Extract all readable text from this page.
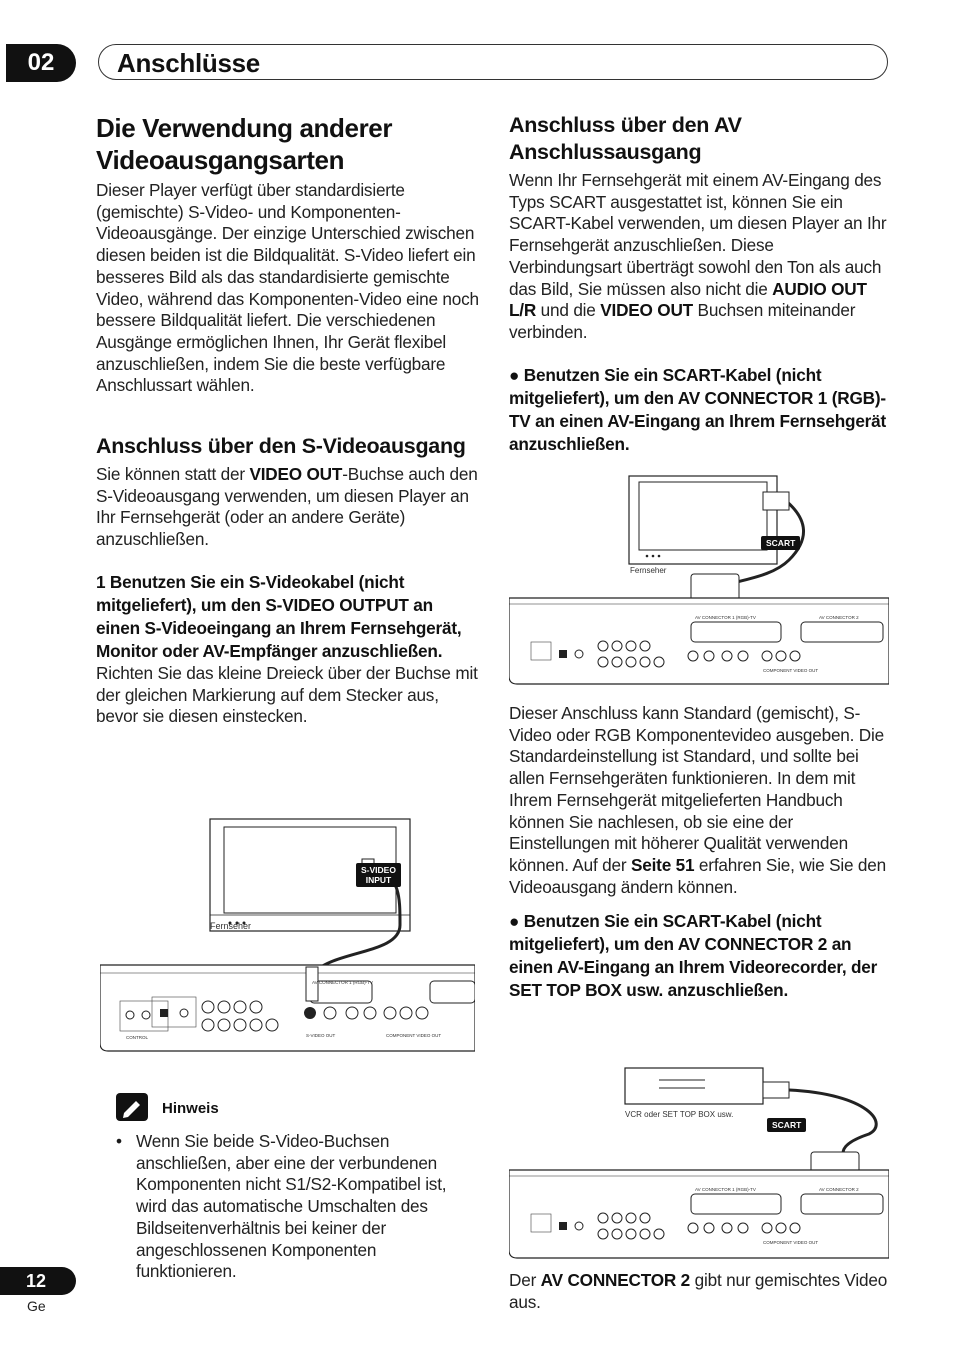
02	Anschlüsse
Die Verwendung anderer Videoausgangsarten

Dieser Player verfügt über standardisierte (gemischte) S-Video- und Komponenten-Videoausgänge. Der einzige Unterschied zwischen diesen beiden ist die Bildqualität. S-Video liefert ein besseres Bild als das standardisierte gemischte Video, während das Komponenten-Video eine noch bessere Bildqualität liefert. Die verschiedenen Ausgänge ermöglichen Ihnen, Ihr Gerät flexibel anzuschließen, indem Sie die beste verfügbare Anschlussart wählen.

Anschluss über den S-Videoausgang

Sie können statt der VIDEO OUT-Buchse auch den S-Videoausgang verwenden, um diesen Player an Ihr Fernsehgerät (oder an andere Geräte) anzuschließen.

1 Benutzen Sie ein S-Videokabel (nicht mitgeliefert), um den S-VIDEO OUTPUT an einen S-Videoeingang an Ihrem Fernsehgerät, Monitor oder AV-Empfänger anzuschließen.

Richten Sie das kleine Dreieck über der Buchse mit der gleichen Markierung auf dem Stecker aus, bevor sie diesen einstecken.

S-VIDEO
INPUT
Fernseher
AV CONNECTOR 1 (RGB)-TV
S-VIDEO OUT	COMPONENT VIDEO OUT
CONTROL
Hinweis
• Wenn Sie beide S-Video-Buchsen anschließen, aber eine der verbundenen Komponenten nicht S1/S2-Kompatibel ist, wird das automatische Umschalten des Bildseitenverhältnis bei keiner der angeschlossenen Komponenten funktionieren.
Anschluss über den AV Anschlussausgang

Wenn Ihr Fernsehgerät mit einem AV-Eingang des Typs SCART ausgestattet ist, können Sie ein SCART-Kabel verwenden, um diesen Player an Ihr Fernsehgerät anzuschließen. Diese Verbindungsart überträgt sowohl den Ton als auch das Bild, Sie müssen also nicht die AUDIO OUT L/R und die VIDEO OUT Buchsen miteinander verbinden.

● Benutzen Sie ein SCART-Kabel (nicht mitgeliefert), um den AV CONNECTOR 1 (RGB)-TV an einen AV-Eingang an Ihrem Fernsehgerät anzuschließen.
SCART
Fernseher
AV CONNECTOR 1 (RGB)-TV	AV CONNECTOR 2
COMPONENT VIDEO OUT

Dieser Anschluss kann Standard (gemischt), S-Video oder RGB Komponentevideo ausgeben. Die Standardeinstellung ist Standard, und sollte bei allen Fernsehgeräten funktionieren. In dem mit Ihrem Fernsehgerät mitgelieferten Handbuch können Sie nachlesen, ob sie eine der Einstellungen mit höherer Qualität verwenden können. Auf der Seite 51 erfahren Sie, wie Sie den Videoausgang ändern können.

● Benutzen Sie ein SCART-Kabel (nicht mitgeliefert), um den AV CONNECTOR 2 an einen AV-Eingang an Ihrem Videorecorder, der SET TOP BOX usw. anzuschließen.
SCART
VCR oder SET TOP BOX usw.
AV CONNECTOR 1 (RGB)-TV	AV CONNECTOR 2
COMPONENT VIDEO OUT
Der AV CONNECTOR 2 gibt nur gemischtes Video aus.
12
Ge
